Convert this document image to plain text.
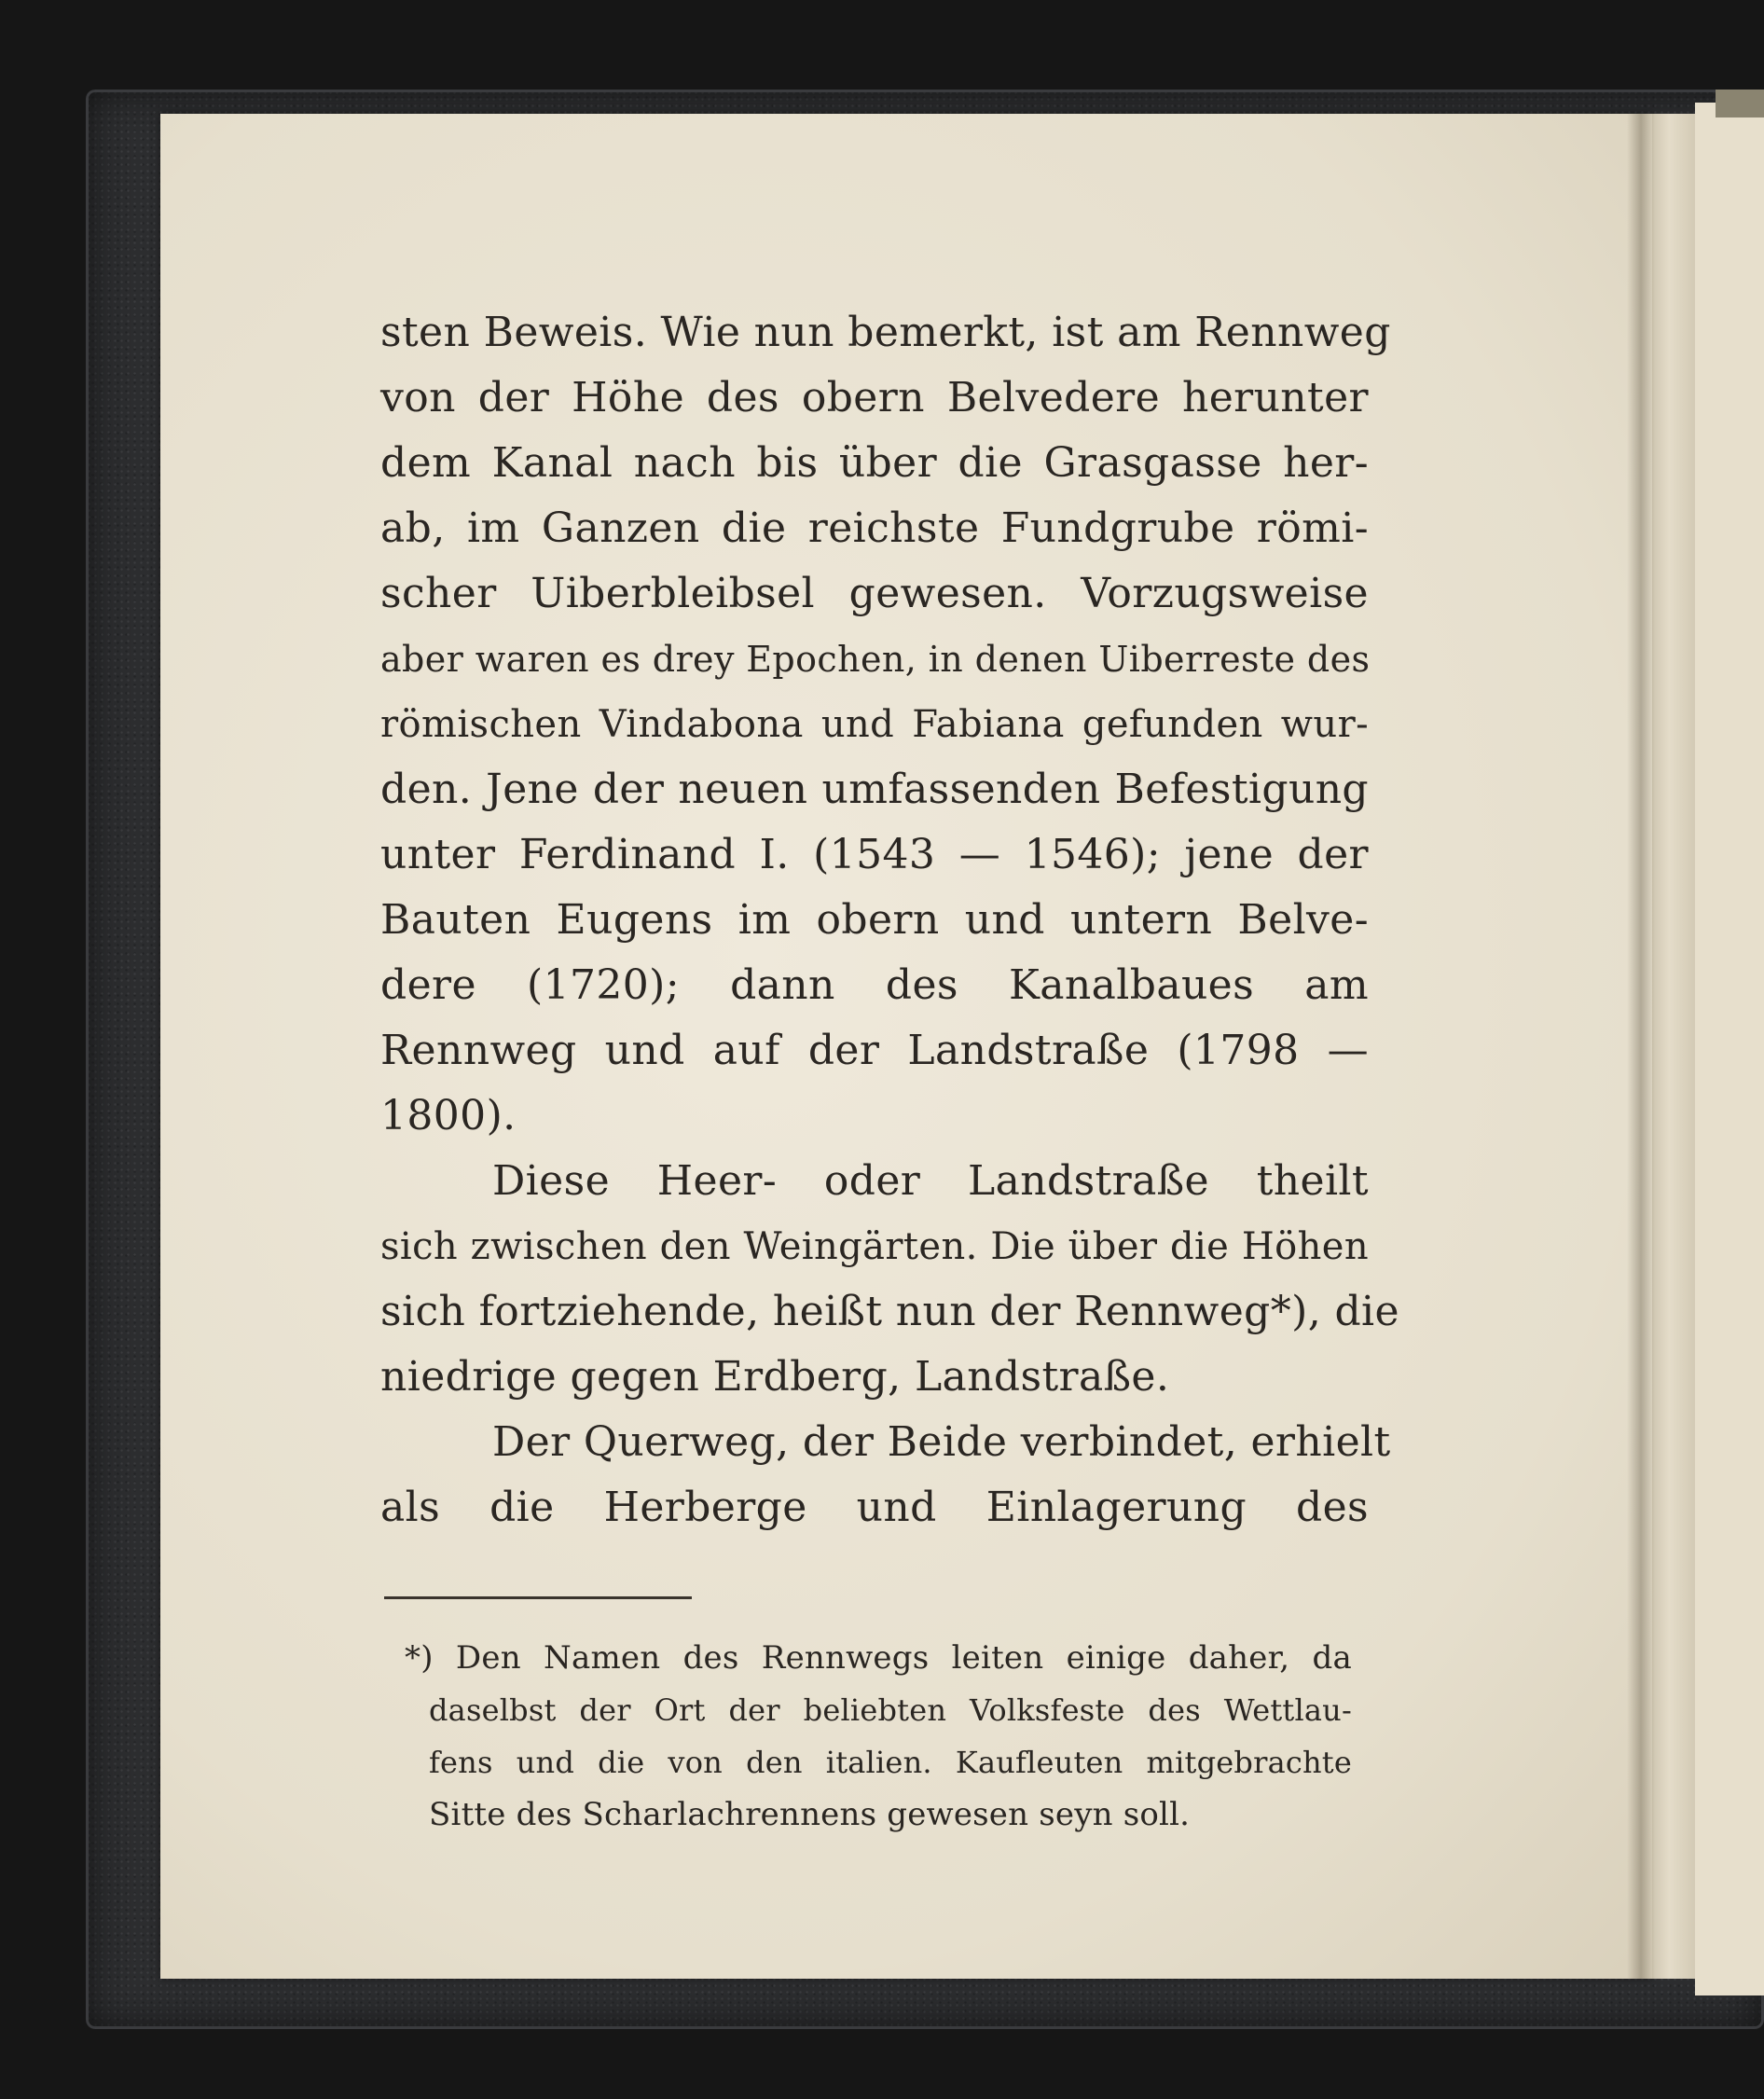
sten Beweis. Wie nun bemerkt, ist am Rennweg
von der Höhe des obern Belvedere herunter
dem Kanal nach bis über die Grasgasse her-
ab, im Ganzen die reichste Fundgrube römi-
scher Uiberbleibsel gewesen. Vorzugsweise
aber waren es drey Epochen, in denen Uiberreste des
römischen Vindabona und Fabiana gefunden wur-
den. Jene der neuen umfassenden Befestigung
unter Ferdinand I. (1543 — 1546); jene der
Bauten Eugens im obern und untern Belve-
dere (1720); dann des Kanalbaues am
Rennweg und auf der Landstraße (1798 —
1800).
Diese Heer- oder Landstraße theilt
sich zwischen den Weingärten. Die über die Höhen
sich fortziehende, heißt nun der Rennweg*), die
niedrige gegen Erdberg, Landstraße.
Der Querweg, der Beide verbindet, erhielt
als die Herberge und Einlagerung des
*) Den Namen des Rennwegs leiten einige daher, da
daselbst der Ort der beliebten Volksfeste des Wettlau-
fens und die von den italien. Kaufleuten mitgebrachte
Sitte des Scharlachrennens gewesen seyn soll.
